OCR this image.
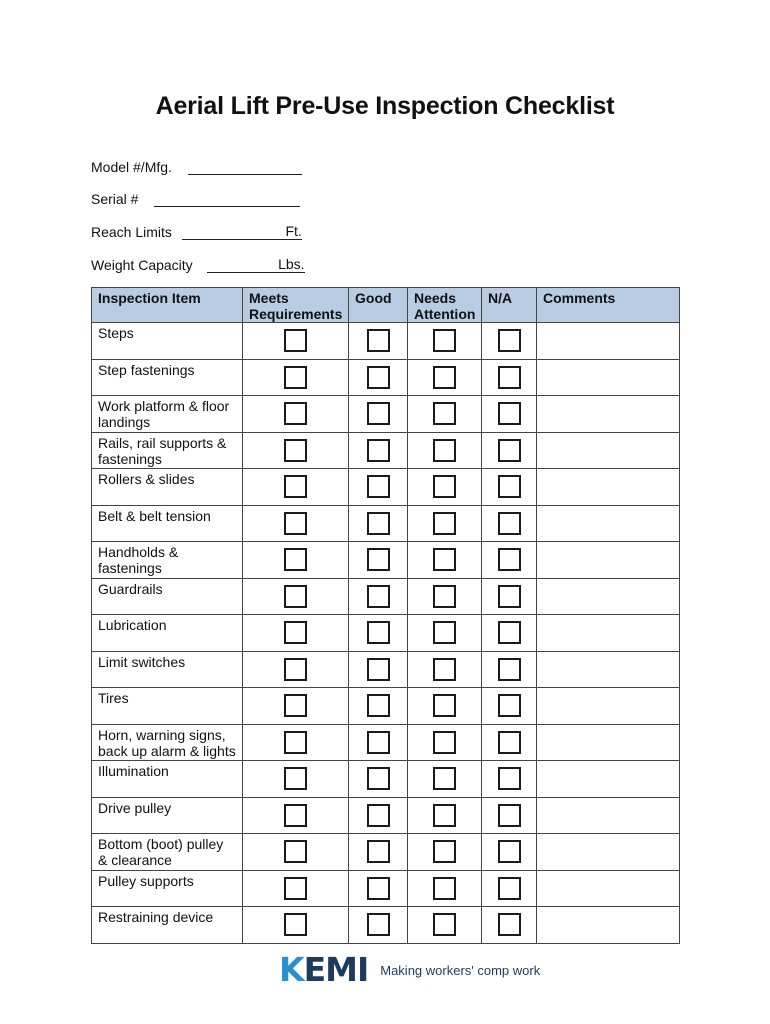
Aerial Lift Pre-Use Inspection Checklist
Model #/Mfg.
Serial #
Reach Limits	Ft.
Weight Capacity	Lbs.
Inspection Item	Meets Requirements	Good	Needs Attention	N/A	Comments
Steps					
Step fastenings					
Work platform & floor landings					
Rails, rail supports & fastenings					
Rollers & slides					
Belt & belt tension					
Handholds & fastenings					
Guardrails					
Lubrication					
Limit switches					
Tires					
Horn, warning signs, back up alarm & lights					
Illumination					
Drive pulley					
Bottom (boot) pulley & clearance					
Pulley supports					
Restraining device					
KEMI Making workers' comp work
